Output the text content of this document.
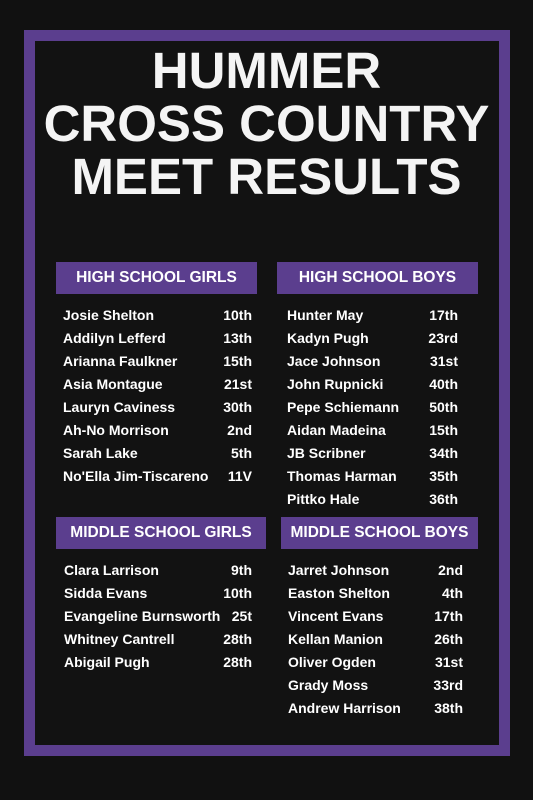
HUMMER
CROSS COUNTRY
MEET RESULTS
HIGH SCHOOL GIRLS
Josie Shelton	10th
Addilyn Lefferd	13th
Arianna Faulkner	15th
Asia Montague	21st
Lauryn Caviness	30th
Ah-No Morrison	2nd
Sarah Lake	5th
No'Ella Jim-Tiscareno 11V
HIGH SCHOOL BOYS
Hunter May	17th
Kadyn Pugh	23rd
Jace Johnson	31st
John Rupnicki	40th
Pepe Schiemann 50th
Aidan Madeina	15th
JB Scribner	34th
Thomas Harman 35th
Pittko Hale	36th
MIDDLE SCHOOL GIRLS
Clara Larrison	9th
Sidda Evans	10th
Evangeline Burnsworth 25t
Whitney Cantrell	28th
Abigail Pugh	28th
MIDDLE SCHOOL BOYS
Jarret Johnson	2nd
Easton Shelton	4th
Vincent Evans	17th
Kellan Manion	26th
Oliver Ogden	31st
Grady Moss	33rd
Andrew Harrison 38th
